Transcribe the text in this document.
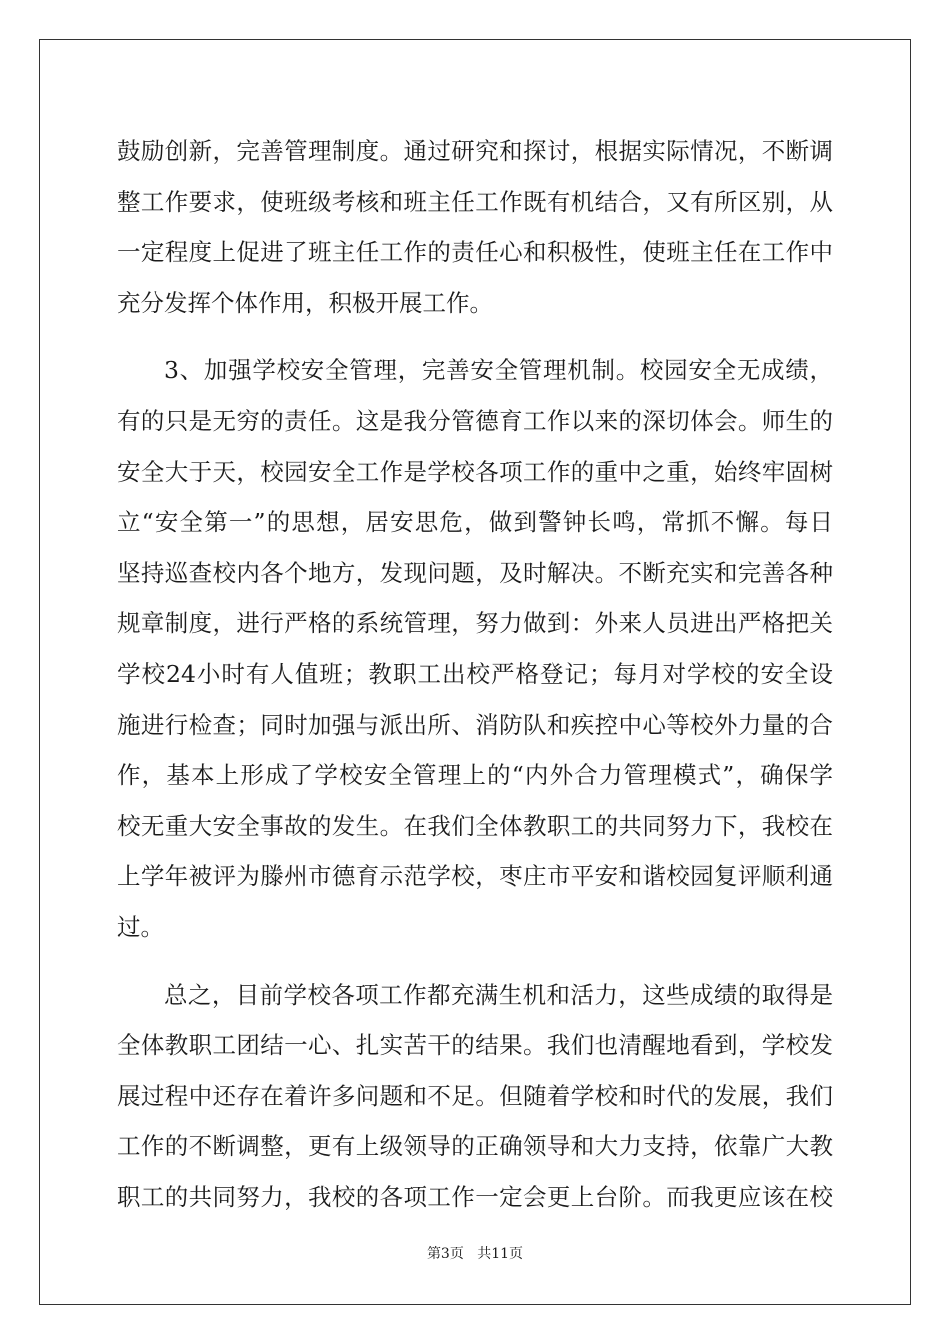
鼓励创新，完善管理制度。通过研究和探讨，根据实际情况，不断调
整工作要求，使班级考核和班主任工作既有机结合，又有所区别，从
一定程度上促进了班主任工作的责任心和积极性，使班主任在工作中
充分发挥个体作用，积极开展工作。
3、加强学校安全管理，完善安全管理机制。校园安全无成绩，
有的只是无穷的责任。这是我分管德育工作以来的深切体会。师生的
安全大于天，校园安全工作是学校各项工作的重中之重，始终牢固树
立“安全第一”的思想，居安思危，做到警钟长鸣，常抓不懈。每日
坚持巡查校内各个地方，发现问题，及时解决。不断充实和完善各种
规章制度，进行严格的系统管理，努力做到：外来人员进出严格把关
学校24小时有人值班；教职工出校严格登记；每月对学校的安全设
施进行检查；同时加强与派出所、消防队和疾控中心等校外力量的合
作，基本上形成了学校安全管理上的“内外合力管理模式”，确保学
校无重大安全事故的发生。在我们全体教职工的共同努力下，我校在
上学年被评为滕州市德育示范学校，枣庄市平安和谐校园复评顺利通
过。
总之，目前学校各项工作都充满生机和活力，这些成绩的取得是
全体教职工团结一心、扎实苦干的结果。我们也清醒地看到，学校发
展过程中还存在着许多问题和不足。但随着学校和时代的发展，我们
工作的不断调整，更有上级领导的正确领导和大力支持，依靠广大教
职工的共同努力，我校的各项工作一定会更上台阶。而我更应该在校
第3页 共11页
